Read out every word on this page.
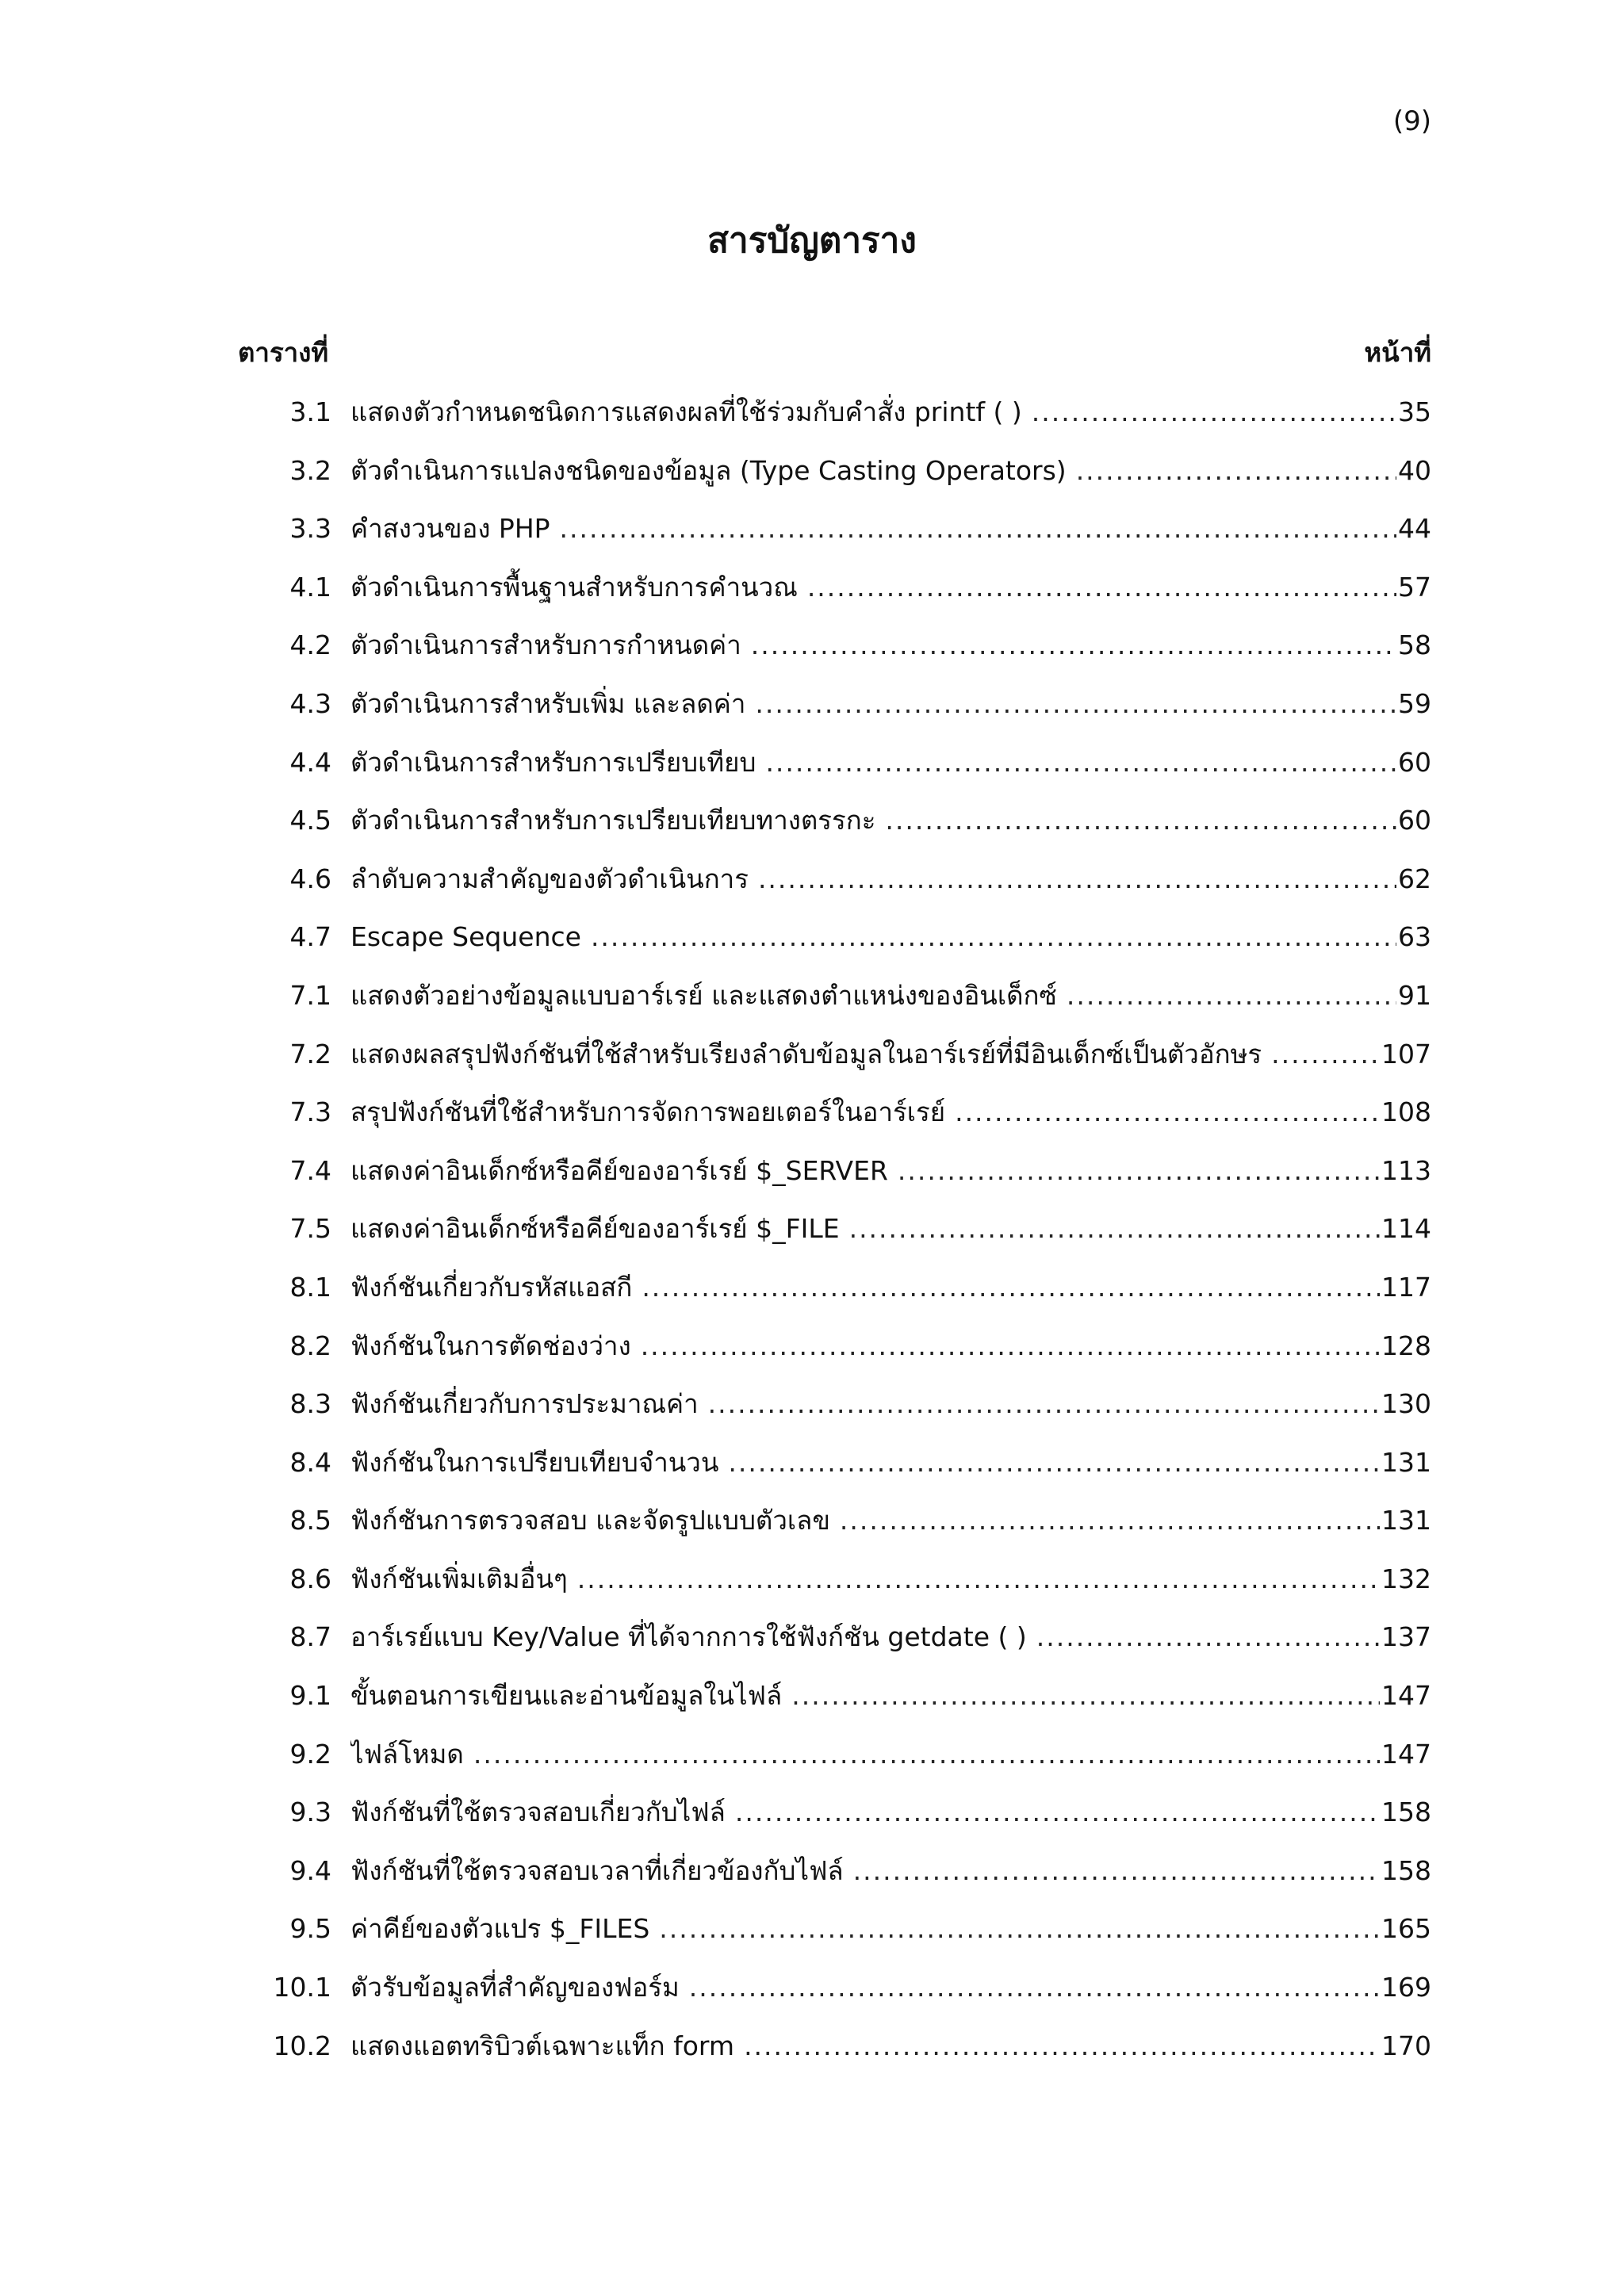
(9)
สารบัญตาราง
ตารางที่	หน้าที่
3.1 แสดงตัวกำหนดชนิดการแสดงผลที่ใช้ร่วมกับคำสั่ง printf ( ) .....	35
3.2 ตัวดำเนินการแปลงชนิดของข้อมูล (Type Casting Operators) .....	40
3.3 คำสงวนของ PHP .....	44
4.1 ตัวดำเนินการพื้นฐานสำหรับการคำนวณ .....	57
4.2 ตัวดำเนินการสำหรับการกำหนดค่า .....	58
4.3 ตัวดำเนินการสำหรับเพิ่ม และลดค่า .....	59
4.4 ตัวดำเนินการสำหรับการเปรียบเทียบ .....	60
4.5 ตัวดำเนินการสำหรับการเปรียบเทียบทางตรรกะ .....	60
4.6 ลำดับความสำคัญของตัวดำเนินการ .....	62
4.7 Escape Sequence .....	63
7.1 แสดงตัวอย่างข้อมูลแบบอาร์เรย์ และแสดงตำแหน่งของอินเด็กซ์ .....	91
7.2 แสดงผลสรุปฟังก์ชันที่ใช้สำหรับเรียงลำดับข้อมูลในอาร์เรย์ที่มีอินเด็กซ์เป็นตัวอักษร .....	107
7.3 สรุปฟังก์ชันที่ใช้สำหรับการจัดการพอยเตอร์ในอาร์เรย์ .....	108
7.4 แสดงค่าอินเด็กซ์หรือคีย์ของอาร์เรย์ $_SERVER .....	113
7.5 แสดงค่าอินเด็กซ์หรือคีย์ของอาร์เรย์ $_FILE .....	114
8.1 ฟังก์ชันเกี่ยวกับรหัสแอสกี .....	117
8.2 ฟังก์ชันในการตัดช่องว่าง .....	128
8.3 ฟังก์ชันเกี่ยวกับการประมาณค่า .....	130
8.4 ฟังก์ชันในการเปรียบเทียบจำนวน .....	131
8.5 ฟังก์ชันการตรวจสอบ และจัดรูปแบบตัวเลข .....	131
8.6 ฟังก์ชันเพิ่มเติมอื่นๆ .....	132
8.7 อาร์เรย์แบบ Key/Value ที่ได้จากการใช้ฟังก์ชัน getdate ( ) .....	137
9.1 ขั้นตอนการเขียนและอ่านข้อมูลในไฟล์ .....	147
9.2 ไฟล์โหมด .....	147
9.3 ฟังก์ชันที่ใช้ตรวจสอบเกี่ยวกับไฟล์ .....	158
9.4 ฟังก์ชันที่ใช้ตรวจสอบเวลาที่เกี่ยวข้องกับไฟล์ .....	158
9.5 ค่าคีย์ของตัวแปร $_FILES .....	165
10.1 ตัวรับข้อมูลที่สำคัญของฟอร์ม .....	169
10.2 แสดงแอตทริบิวต์เฉพาะแท็ก form .....	170
